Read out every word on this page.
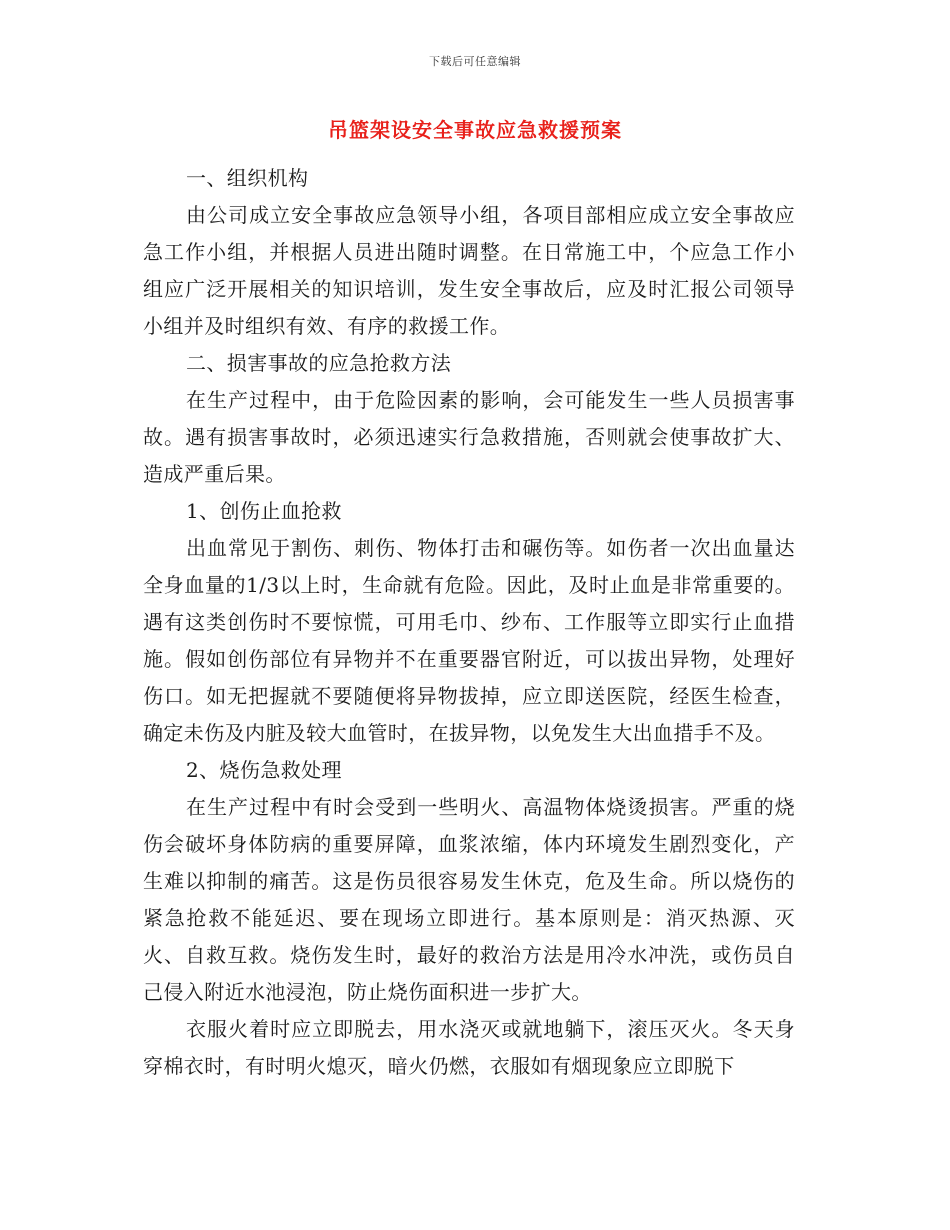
下载后可任意编辑
吊篮架设安全事故应急救援预案

一、组织机构

由公司成立安全事故应急领导小组，各项目部相应成立安全事故应急工作小组，并根据人员进出随时调整。在日常施工中，个应急工作小组应广泛开展相关的知识培训，发生安全事故后，应及时汇报公司领导小组并及时组织有效、有序的救援工作。

二、损害事故的应急抢救方法

在生产过程中，由于危险因素的影响，会可能发生一些人员损害事故。遇有损害事故时，必须迅速实行急救措施，否则就会使事故扩大、造成严重后果。

1、创伤止血抢救

出血常见于割伤、刺伤、物体打击和碾伤等。如伤者一次出血量达全身血量的1/3以上时，生命就有危险。因此，及时止血是非常重要的。遇有这类创伤时不要惊慌，可用毛巾、纱布、工作服等立即实行止血措施。假如创伤部位有异物并不在重要器官附近，可以拔出异物，处理好伤口。如无把握就不要随便将异物拔掉，应立即送医院，经医生检查，确定未伤及内脏及较大血管时，在拔异物，以免发生大出血措手不及。

2、烧伤急救处理

在生产过程中有时会受到一些明火、高温物体烧烫损害。严重的烧伤会破坏身体防病的重要屏障，血浆浓缩，体内环境发生剧烈变化，产生难以抑制的痛苦。这是伤员很容易发生休克，危及生命。所以烧伤的紧急抢救不能延迟、要在现场立即进行。基本原则是：消灭热源、灭火、自救互救。烧伤发生时，最好的救治方法是用冷水冲洗，或伤员自己侵入附近水池浸泡，防止烧伤面积进一步扩大。

衣服火着时应立即脱去，用水浇灭或就地躺下，滚压灭火。冬天身穿棉衣时，有时明火熄灭，暗火仍燃，衣服如有烟现象应立即脱下
